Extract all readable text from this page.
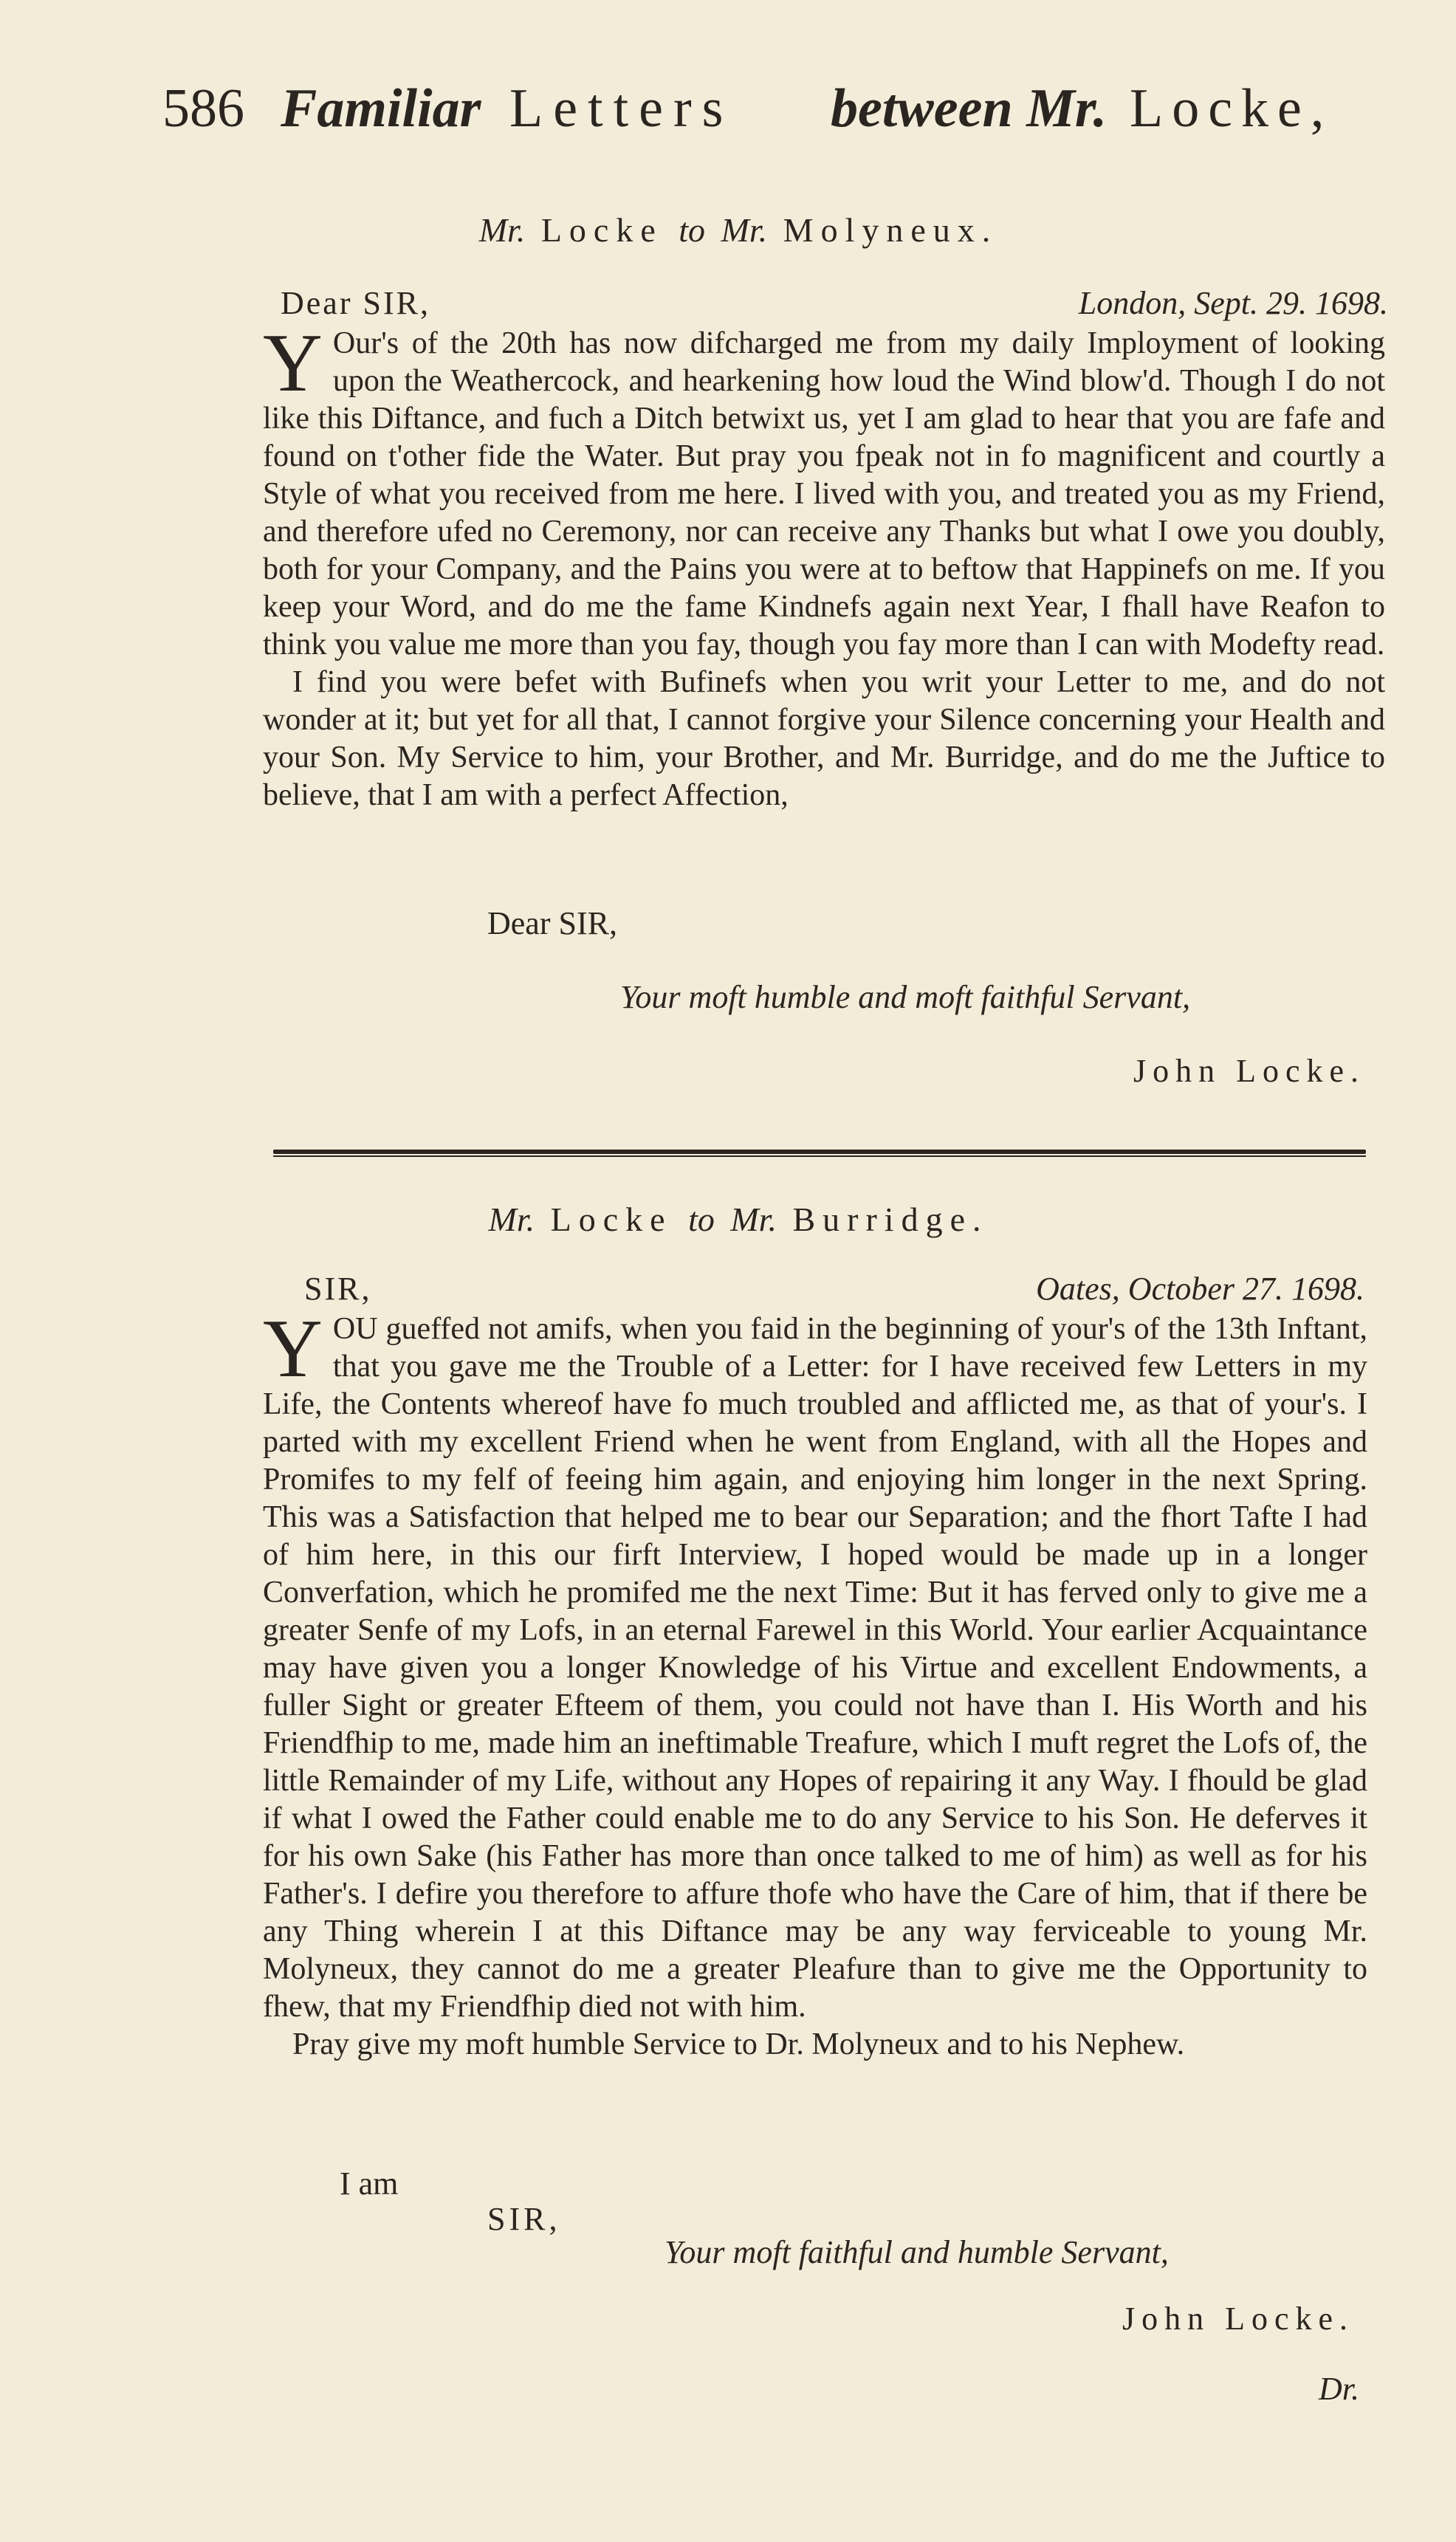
586 Familiar Letters between Mr. Locke,
Mr. Locke to Mr. Molyneux.
Dear SIR,	London, Sept. 29. 1698.

Y Our's of the 20th has now difcharged me from my daily Imployment of looking upon the Weathercock, and hearkening how loud the Wind blow'd. Though I do not like this Diftance, and fuch a Ditch betwixt us, yet I am glad to hear that you are fafe and found on t'other fide the Water. But pray you fpeak not in fo magnificent and courtly a Style of what you received from me here. I lived with you, and treated you as my Friend, and therefore ufed no Ceremony, nor can receive any Thanks but what I owe you doubly, both for your Company, and the Pains you were at to beftow that Happinefs on me. If you keep your Word, and do me the fame Kindnefs again next Year, I fhall have Reafon to think you value me more than you fay, though you fay more than I can with Modefty read.

I find you were befet with Bufinefs when you writ your Letter to me, and do not wonder at it; but yet for all that, I cannot forgive your Silence concerning your Health and your Son. My Service to him, your Brother, and Mr. Burridge, and do me the Juftice to believe, that I am with a perfect Affection,

Dear SIR,
Your moft humble and moft faithful Servant,
John Locke.
Mr. Locke to Mr. Burridge.
SIR,	Oates, October 27. 1698.

YOU gueffed not amifs, when you faid in the beginning of your's of the 13th Inftant, that you gave me the Trouble of a Letter: for I have received few Letters in my Life, the Contents whereof have fo much troubled and afflicted me, as that of your's. I parted with my excellent Friend when he went from England, with all the Hopes and Promifes to my felf of feeing him again, and enjoying him longer in the next Spring. This was a Satisfaction that helped me to bear our Separation; and the fhort Tafte I had of him here, in this our firft Interview, I hoped would be made up in a longer Converfation, which he promifed me the next Time: But it has ferved only to give me a greater Senfe of my Lofs, in an eternal Farewel in this World. Your earlier Acquaintance may have given you a longer Knowledge of his Virtue and excellent Endowments, a fuller Sight or greater Efteem of them, you could not have than I. His Worth and his Friendfhip to me, made him an ineftimable Treafure, which I muft regret the Lofs of, the little Remainder of my Life, without any Hopes of repairing it any Way. I fhould be glad if what I owed the Father could enable me to do any Service to his Son. He deferves it for his own Sake (his Father has more than once talked to me of him) as well as for his Father's. I defire you therefore to affure thofe who have the Care of him, that if there be any Thing wherein I at this Diftance may be any way ferviceable to young Mr. Molyneux, they cannot do me a greater Pleafure than to give me the Opportunity to fhew, that my Friendfhip died not with him.

Pray give my moft humble Service to Dr. Molyneux and to his Nephew.

I am
SIR,
Your moft faithful and humble Servant,
John Locke.
Dr.
